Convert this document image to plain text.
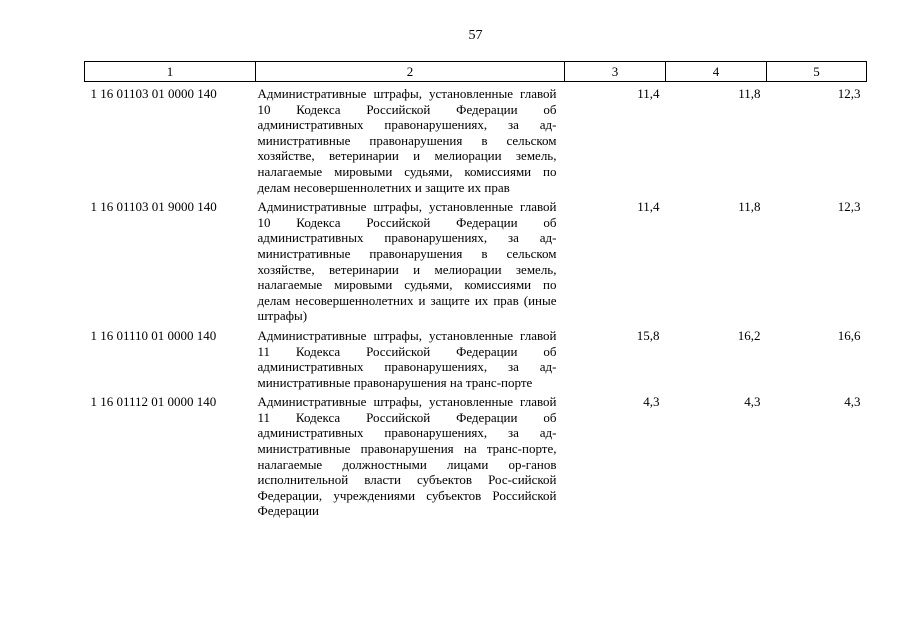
57
1	2	3	4	5
1 16 01103 01 0000 140	Административные штрафы, установленные главой 10 Кодекса Российской Федерации об административных правонарушениях, за ад-министративные правонарушения в сельском хозяйстве, ветеринарии и мелиорации земель, налагаемые мировыми судьями, комиссиями по делам несовершеннолетних и защите их прав	11,4	11,8	12,3
1 16 01103 01 9000 140	Административные штрафы, установленные главой 10 Кодекса Российской Федерации об административных правонарушениях, за ад-министративные правонарушения в сельском хозяйстве, ветеринарии и мелиорации земель, налагаемые мировыми судьями, комиссиями по делам несовершеннолетних и защите их прав (иные штрафы)	11,4	11,8	12,3
1 16 01110 01 0000 140	Административные штрафы, установленные главой 11 Кодекса Российской Федерации об административных правонарушениях, за ад-министративные правонарушения на транс-порте	15,8	16,2	16,6
1 16 01112 01 0000 140	Административные штрафы, установленные главой 11 Кодекса Российской Федерации об административных правонарушениях, за ад-министративные правонарушения на транс-порте, налагаемые должностными лицами ор-ганов исполнительной власти субъектов Рос-сийской Федерации, учреждениями субъектов Российской Федерации	4,3	4,3	4,3
